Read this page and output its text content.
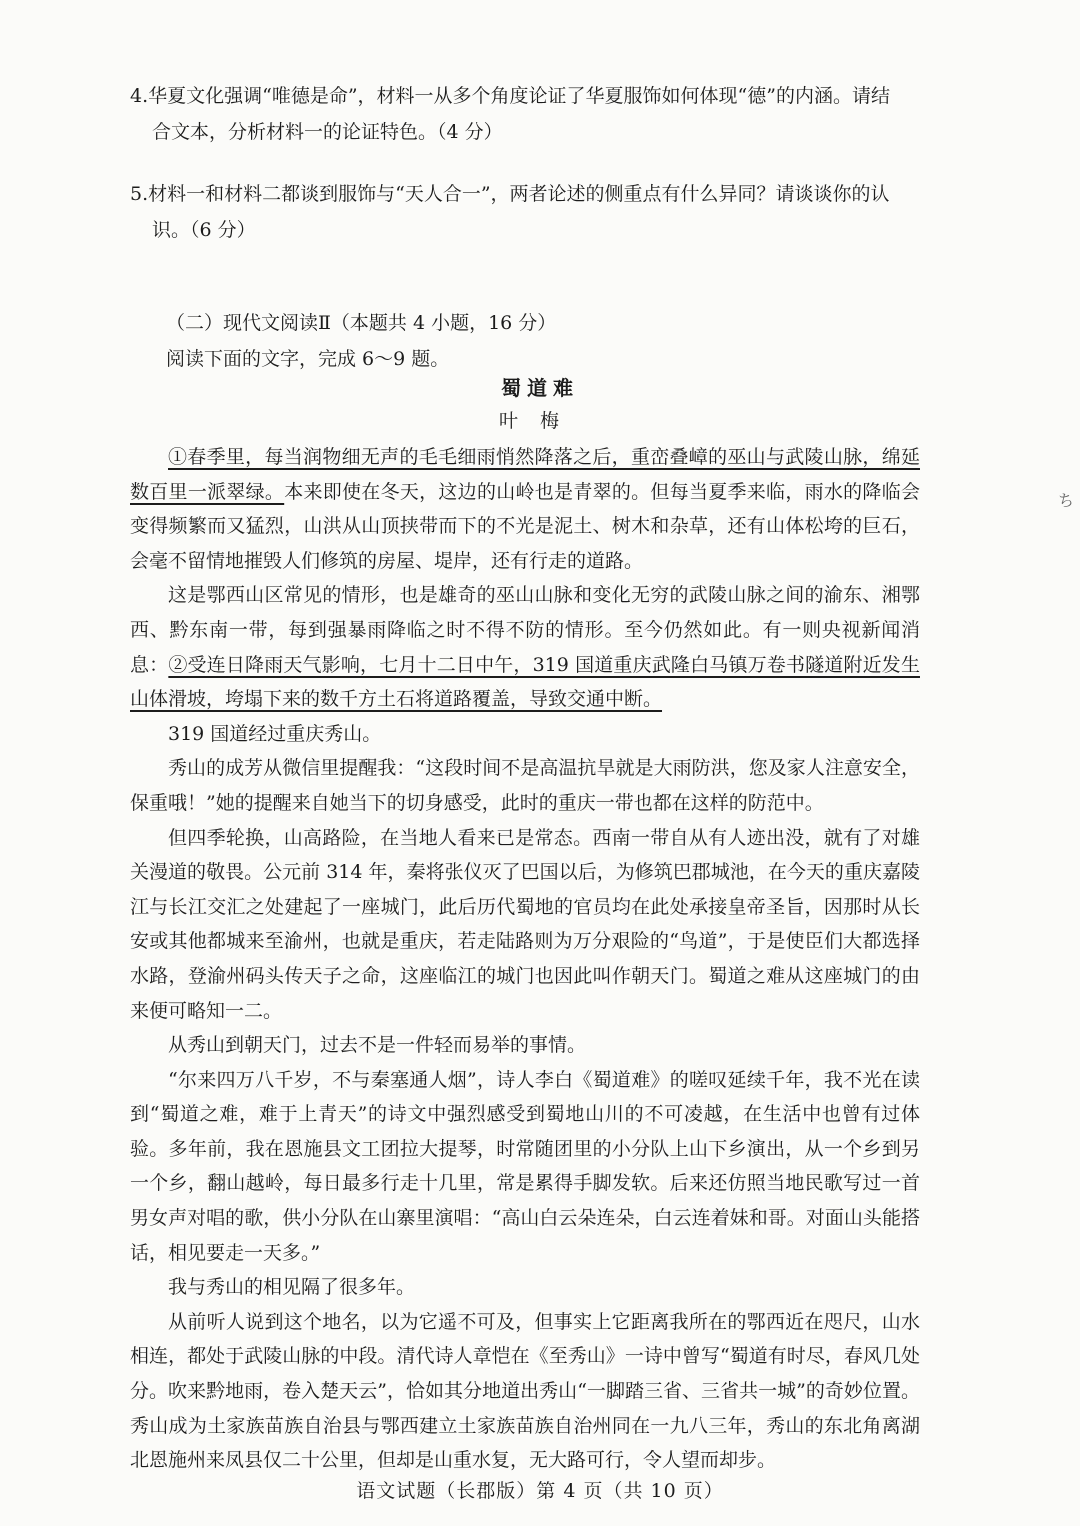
4.华夏文化强调“唯德是命”，材料一从多个角度论证了华夏服饰如何体现“德”的内涵。请结
合文本，分析材料一的论证特色。（4 分）
5.材料一和材料二都谈到服饰与“天人合一”，两者论述的侧重点有什么异同？请谈谈你的认
识。（6 分）
（二）现代文阅读Ⅱ（本题共 4 小题，16 分）
阅读下面的文字，完成 6～9 题。
蜀道难
叶梅

①春季里，每当润物细无声的毛毛细雨悄然降落之后，重峦叠嶂的巫山与武陵山脉，绵延数百里一派翠绿。本来即使在冬天，这边的山岭也是青翠的。但每当夏季来临，雨水的降临会变得频繁而又猛烈，山洪从山顶挟带而下的不光是泥土、树木和杂草，还有山体松垮的巨石，会毫不留情地摧毁人们修筑的房屋、堤岸，还有行走的道路。

这是鄂西山区常见的情形，也是雄奇的巫山山脉和变化无穷的武陵山脉之间的渝东、湘鄂西、黔东南一带，每到强暴雨降临之时不得不防的情形。至今仍然如此。有一则央视新闻消息：②受连日降雨天气影响，七月十二日中午，319 国道重庆武隆白马镇万卷书隧道附近发生山体滑坡，垮塌下来的数千方土石将道路覆盖，导致交通中断。

319 国道经过重庆秀山。

秀山的成芳从微信里提醒我：“这段时间不是高温抗旱就是大雨防洪，您及家人注意安全，保重哦！”她的提醒来自她当下的切身感受，此时的重庆一带也都在这样的防范中。

但四季轮换，山高路险，在当地人看来已是常态。西南一带自从有人迹出没，就有了对雄关漫道的敬畏。公元前 314 年，秦将张仪灭了巴国以后，为修筑巴郡城池，在今天的重庆嘉陵江与长江交汇之处建起了一座城门，此后历代蜀地的官员均在此处承接皇帝圣旨，因那时从长安或其他都城来至渝州，也就是重庆，若走陆路则为万分艰险的“鸟道”，于是使臣们大都选择水路，登渝州码头传天子之命，这座临江的城门也因此叫作朝天门。蜀道之难从这座城门的由来便可略知一二。

从秀山到朝天门，过去不是一件轻而易举的事情。

“尔来四万八千岁，不与秦塞通人烟”，诗人李白《蜀道难》的嗟叹延续千年，我不光在读到“蜀道之难，难于上青天”的诗文中强烈感受到蜀地山川的不可凌越，在生活中也曾有过体验。多年前，我在恩施县文工团拉大提琴，时常随团里的小分队上山下乡演出，从一个乡到另一个乡，翻山越岭，每日最多行走十几里，常是累得手脚发软。后来还仿照当地民歌写过一首男女声对唱的歌，供小分队在山寨里演唱：“高山白云朵连朵，白云连着妹和哥。对面山头能搭话，相见要走一天多。”

我与秀山的相见隔了很多年。

从前听人说到这个地名，以为它遥不可及，但事实上它距离我所在的鄂西近在咫尺，山水相连，都处于武陵山脉的中段。清代诗人章恺在《至秀山》一诗中曾写“蜀道有时尽，春风几处分。吹来黔地雨，卷入楚天云”，恰如其分地道出秀山“一脚踏三省、三省共一城”的奇妙位置。秀山成为土家族苗族自治县与鄂西建立土家族苗族自治州同在一九八三年，秀山的东北角离湖北恩施州来凤县仅二十公里，但却是山重水复，无大路可行，令人望而却步。

ち
语文试题（长郡版）第 4 页（共 10 页）
